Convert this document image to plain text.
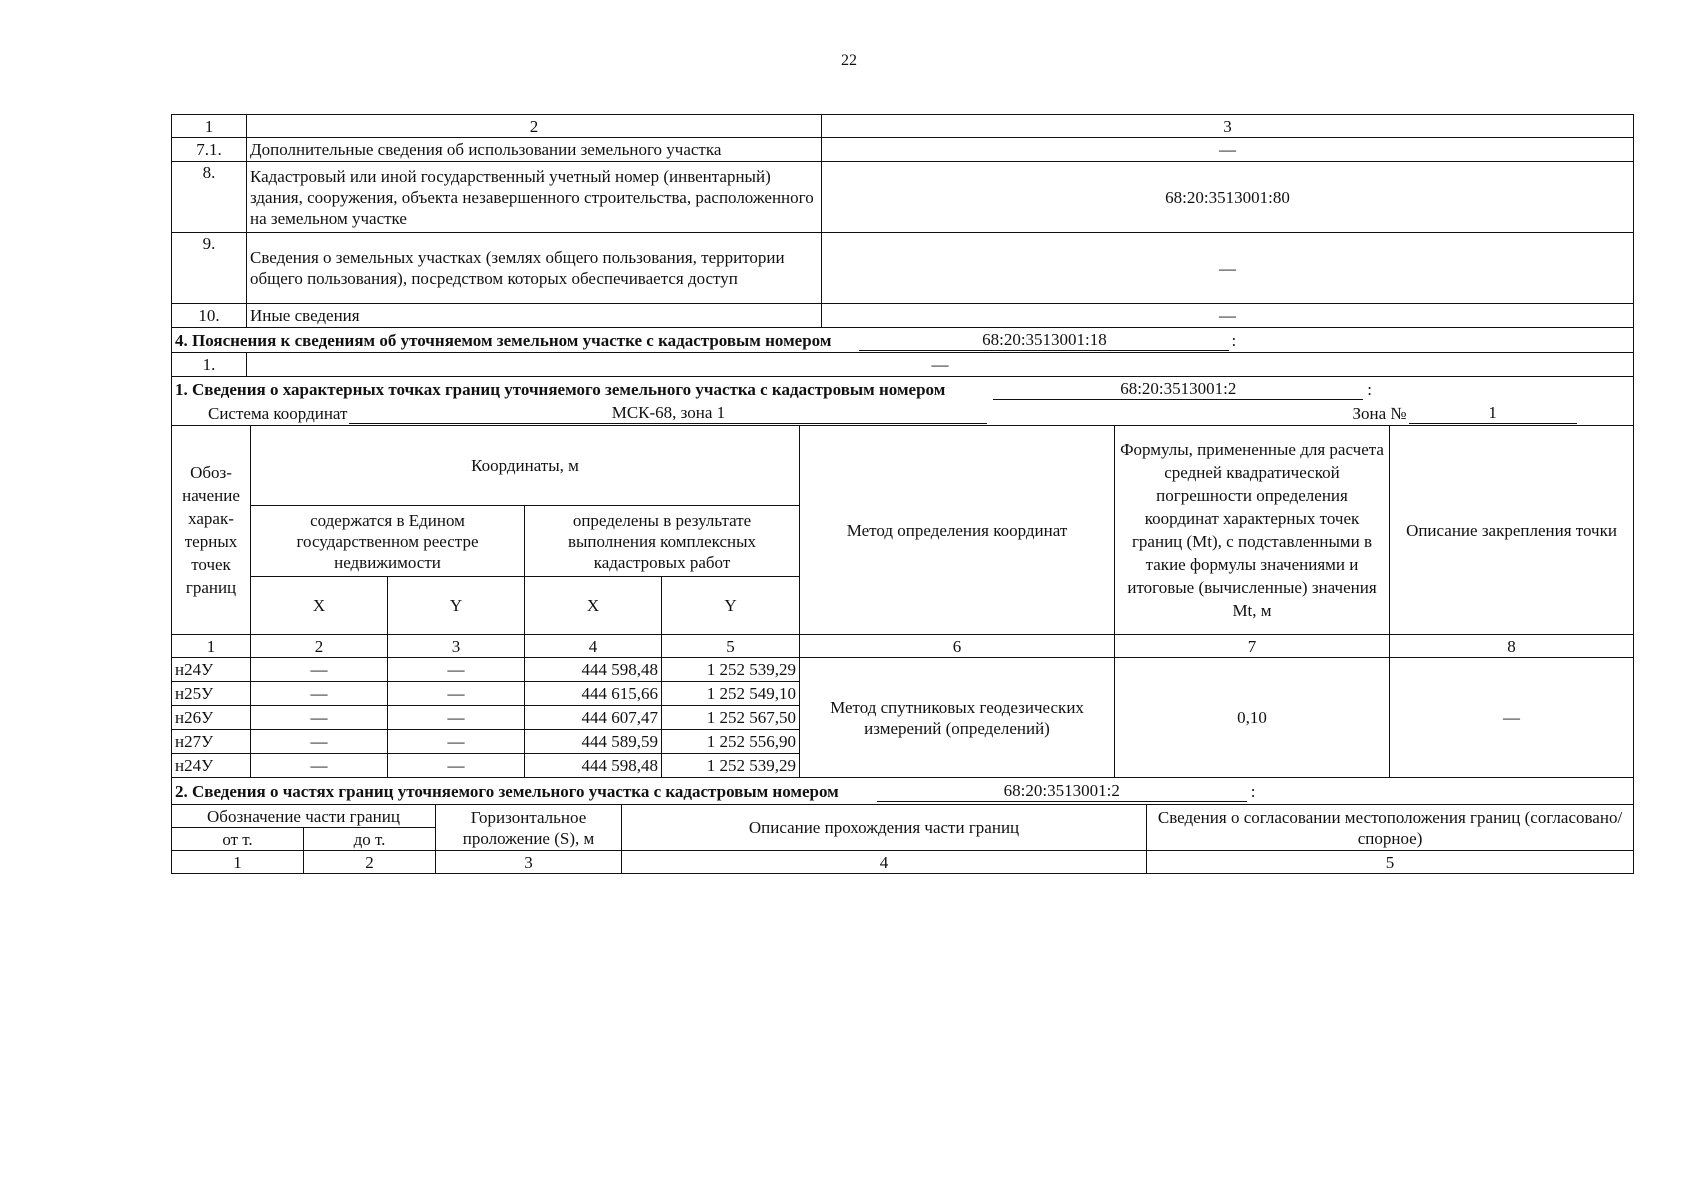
22
1	2	3
7.1.	Дополнительные сведения об использовании земельного участка	—
8.	Кадастровый или иной государственный учетный номер (инвентарный) здания, сооружения, объекта незавершенного строительства, расположенного на земельном участке	68:20:3513001:80
9.	Сведения о земельных участках (землях общего пользования, территории общего пользования), посредством которых обеспечивается доступ	—
10.	Иные сведения	—
4. Пояснения к сведениям об уточняемом земельном участке с кадастровым номером	68:20:3513001:18	:

1.	—
1. Сведения о характерных точках границ уточняемого земельного участка с кадастровым номером 68:20:3513001:2 :							

Система координат МСК-68, зона 1 Зона № 1							

Обоз-начение харак-терных точек границ	Координаты, м				Метод определения координат	Формулы, примененные для расчета средней квадратической погрешности определения координат характерных точек границ (Mt), с подставленными в такие формулы значениями и итоговые (вычисленные) значения Mt, м	Описание закрепления точки
	содержатся в Едином государственном реестре недвижимости		определены в результате выполнения комплексных кадастровых работ				
	X	Y	X	Y			
1	2	3	4	5	6	7	8
н24У	—	—	444 598,48	1 252 539,29	Метод спутниковых геодезических измерений (определений)	0,10	—
н25У	—	—	444 615,66	1 252 549,10			
н26У	—	—	444 607,47	1 252 567,50			
н27У	—	—	444 589,59	1 252 556,90			
н24У	—	—	444 598,48	1 252 539,29			
2. Сведения о частях границ уточняемого земельного участка с кадастровым номером 68:20:3513001:2 :				

Обозначение части границ		Горизонтальное проложение (S), м	Описание прохождения части границ	Сведения о согласовании местоположения границ (согласовано/спорное)
от т.	до т.			
1	2	3	4	5
